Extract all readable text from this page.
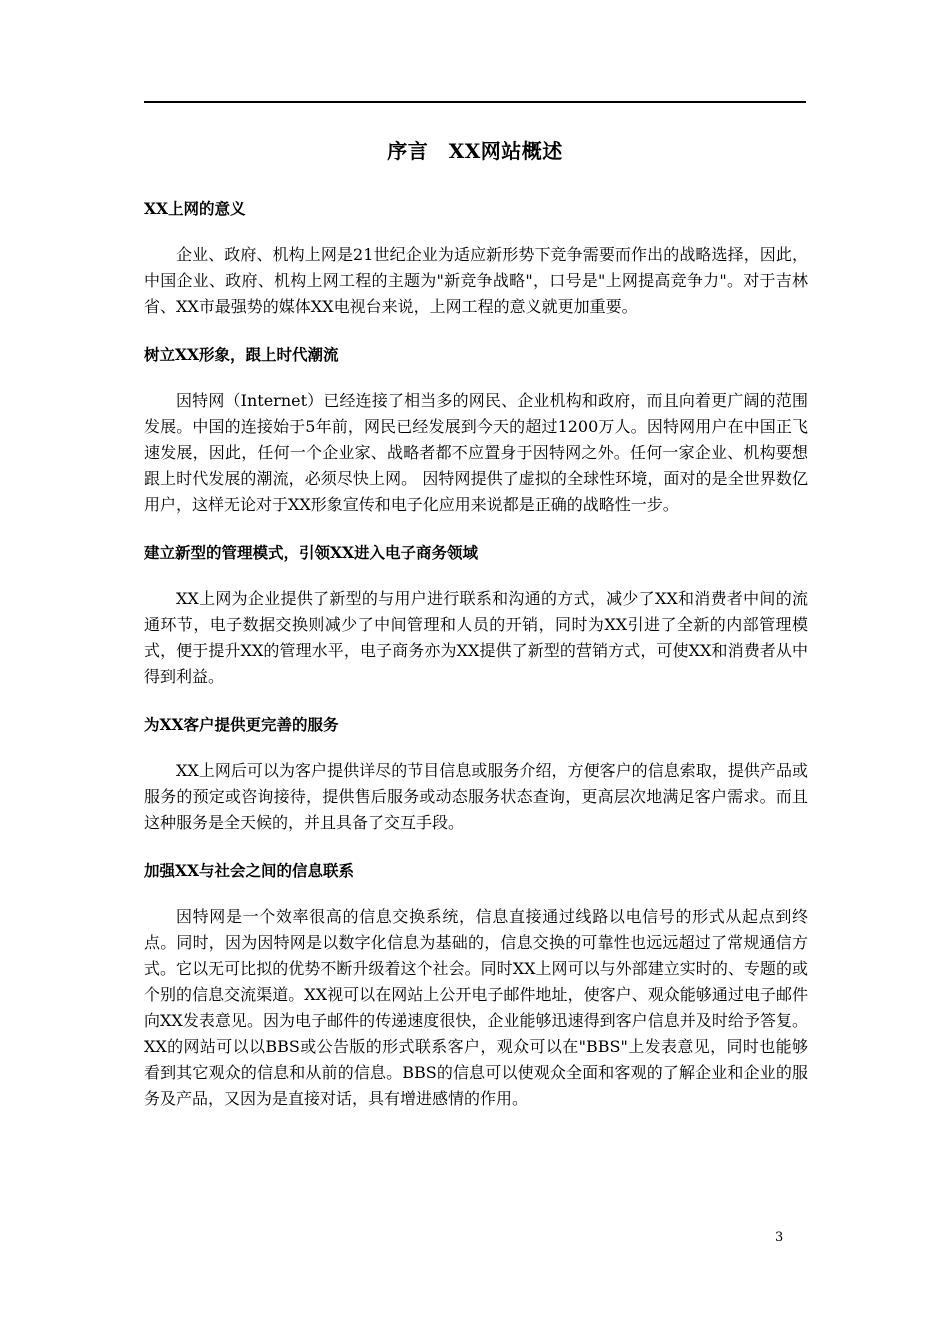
序言　XX网站概述

XX上网的意义

企业、政府、机构上网是21世纪企业为适应新形势下竞争需要而作出的战略选择，因此，中国企业、政府、机构上网工程的主题为"新竞争战略"，口号是"上网提高竞争力"。对于吉林省、XX市最强势的媒体XX电视台来说，上网工程的意义就更加重要。

树立XX形象，跟上时代潮流

因特网（Internet）已经连接了相当多的网民、企业机构和政府，而且向着更广阔的范围发展。中国的连接始于5年前，网民已经发展到今天的超过1200万人。因特网用户在中国正飞速发展，因此，任何一个企业家、战略者都不应置身于因特网之外。任何一家企业、机构要想跟上时代发展的潮流，必须尽快上网。 因特网提供了虚拟的全球性环境，面对的是全世界数亿用户，这样无论对于XX形象宣传和电子化应用来说都是正确的战略性一步。

建立新型的管理模式，引领XX进入电子商务领域

XX上网为企业提供了新型的与用户进行联系和沟通的方式，减少了XX和消费者中间的流通环节，电子数据交换则减少了中间管理和人员的开销，同时为XX引进了全新的内部管理模式，便于提升XX的管理水平，电子商务亦为XX提供了新型的营销方式，可使XX和消费者从中得到利益。

为XX客户提供更完善的服务

XX上网后可以为客户提供详尽的节目信息或服务介绍，方便客户的信息索取，提供产品或服务的预定或咨询接待，提供售后服务或动态服务状态查询，更高层次地满足客户需求。而且这种服务是全天候的，并且具备了交互手段。

加强XX与社会之间的信息联系

因特网是一个效率很高的信息交换系统，信息直接通过线路以电信号的形式从起点到终点。同时，因为因特网是以数字化信息为基础的，信息交换的可靠性也远远超过了常规通信方式。它以无可比拟的优势不断升级着这个社会。同时XX上网可以与外部建立实时的、专题的或个别的信息交流渠道。XX视可以在网站上公开电子邮件地址，使客户、观众能够通过电子邮件向XX发表意见。因为电子邮件的传递速度很快，企业能够迅速得到客户信息并及时给予答复。XX的网站可以以BBS或公告版的形式联系客户，观众可以在"BBS"上发表意见，同时也能够看到其它观众的信息和从前的信息。BBS的信息可以使观众全面和客观的了解企业和企业的服务及产品，又因为是直接对话，具有增进感情的作用。

3
